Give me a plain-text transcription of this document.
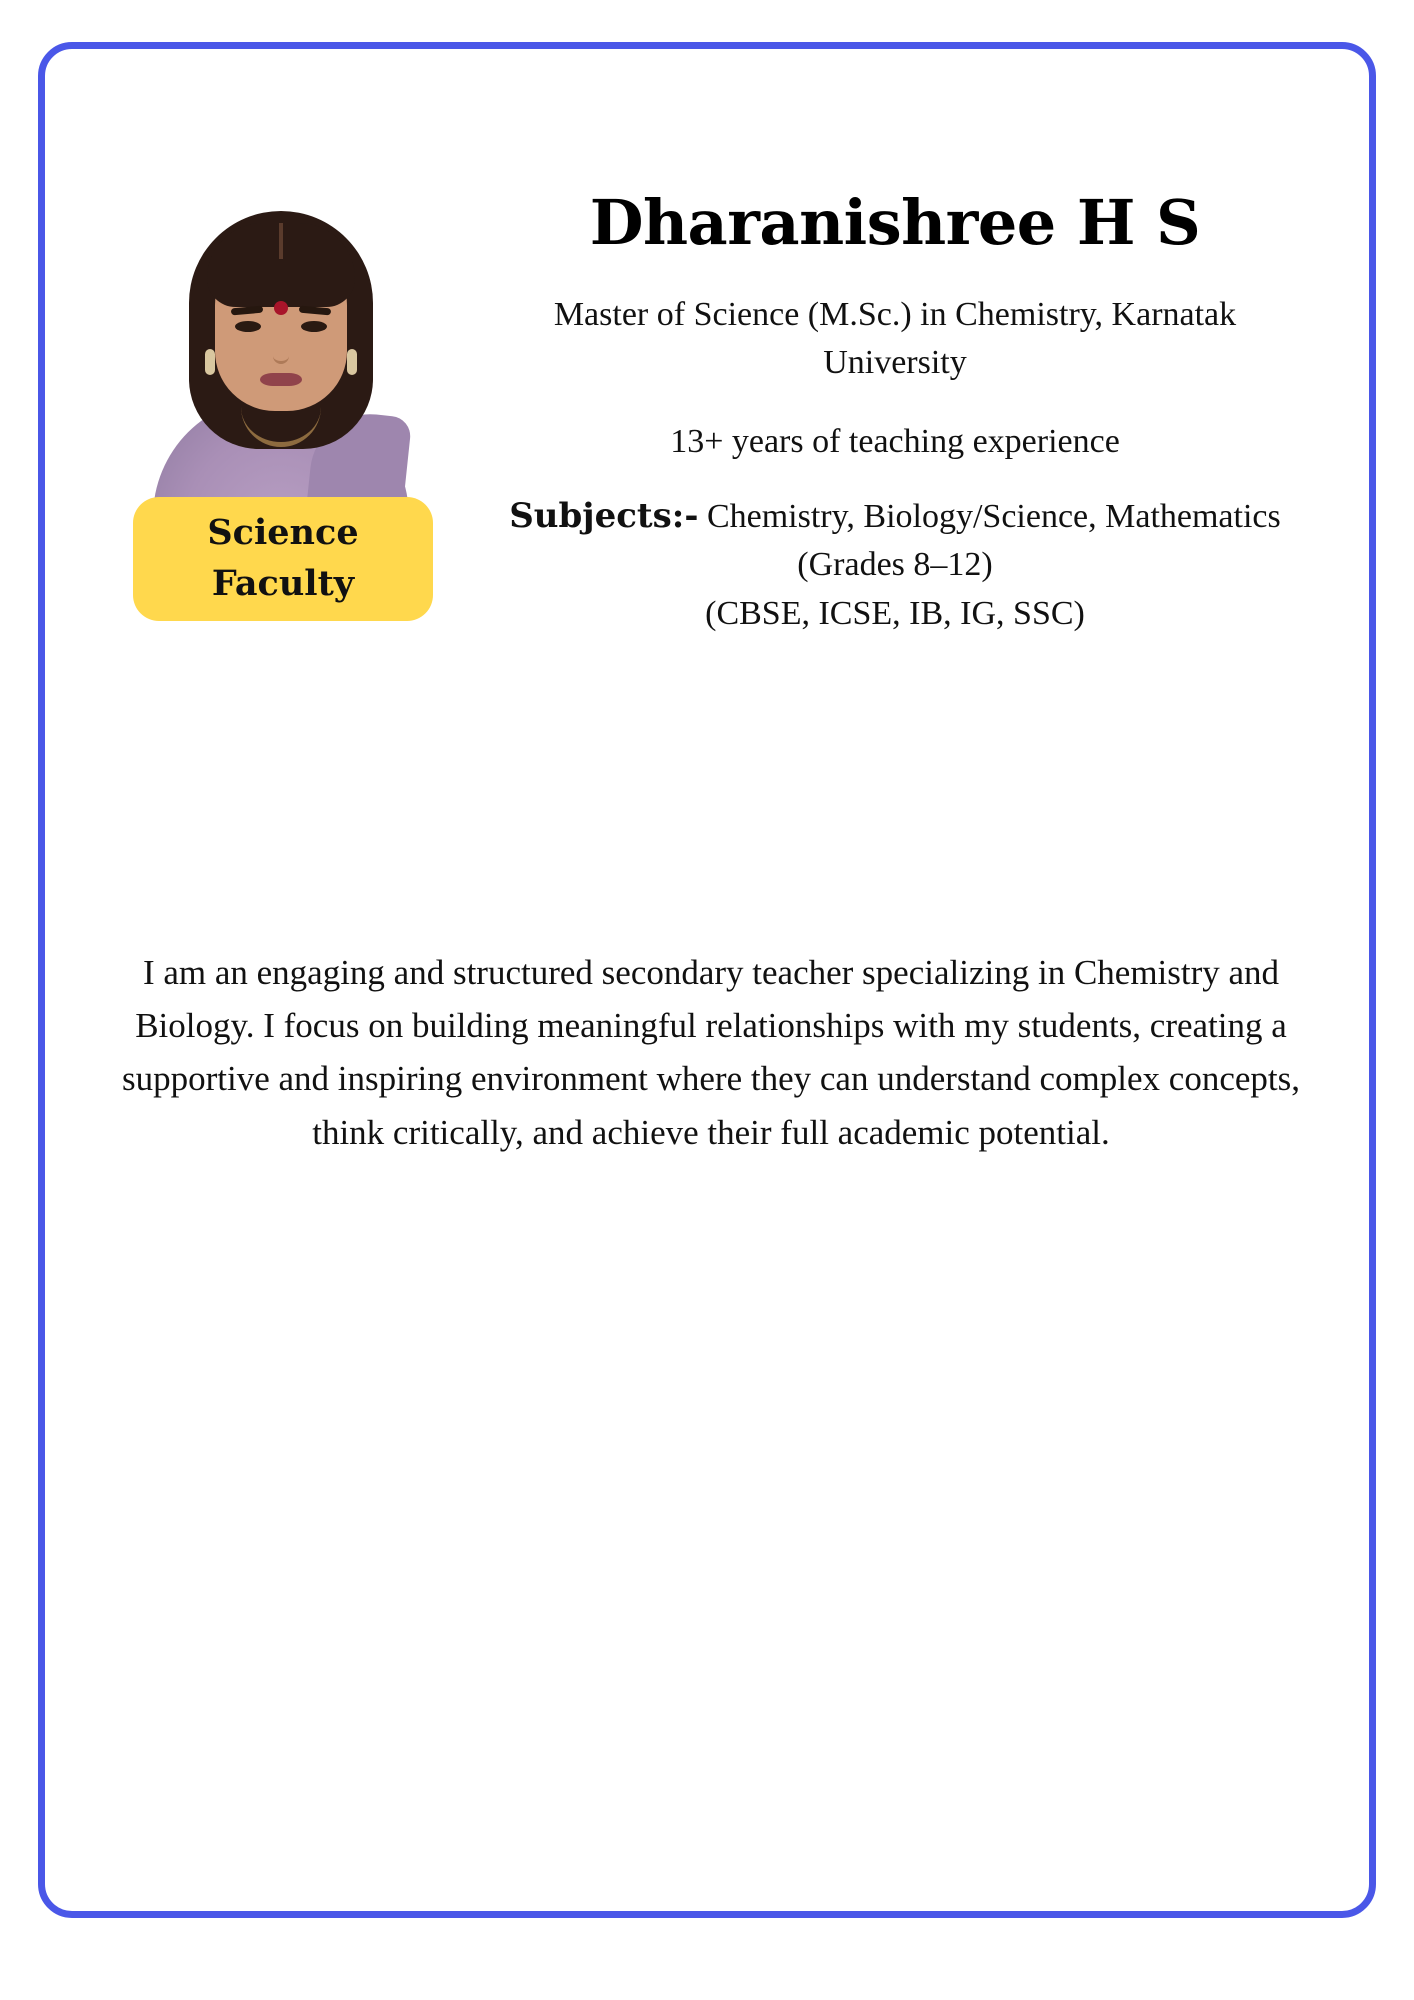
Dharanishree H S

Master of Science (M.Sc.) in Chemistry, Karnatak University

13+ years of teaching experience

Subjects:- Chemistry, Biology/Science, Mathematics (Grades 8–12)

(CBSE, ICSE, IB, IG, SSC)

Science
Faculty

I am an engaging and structured secondary teacher specializing in Chemistry and Biology. I focus on building meaningful relationships with my students, creating a supportive and inspiring environment where they can understand complex concepts, think critically, and achieve their full academic potential.
